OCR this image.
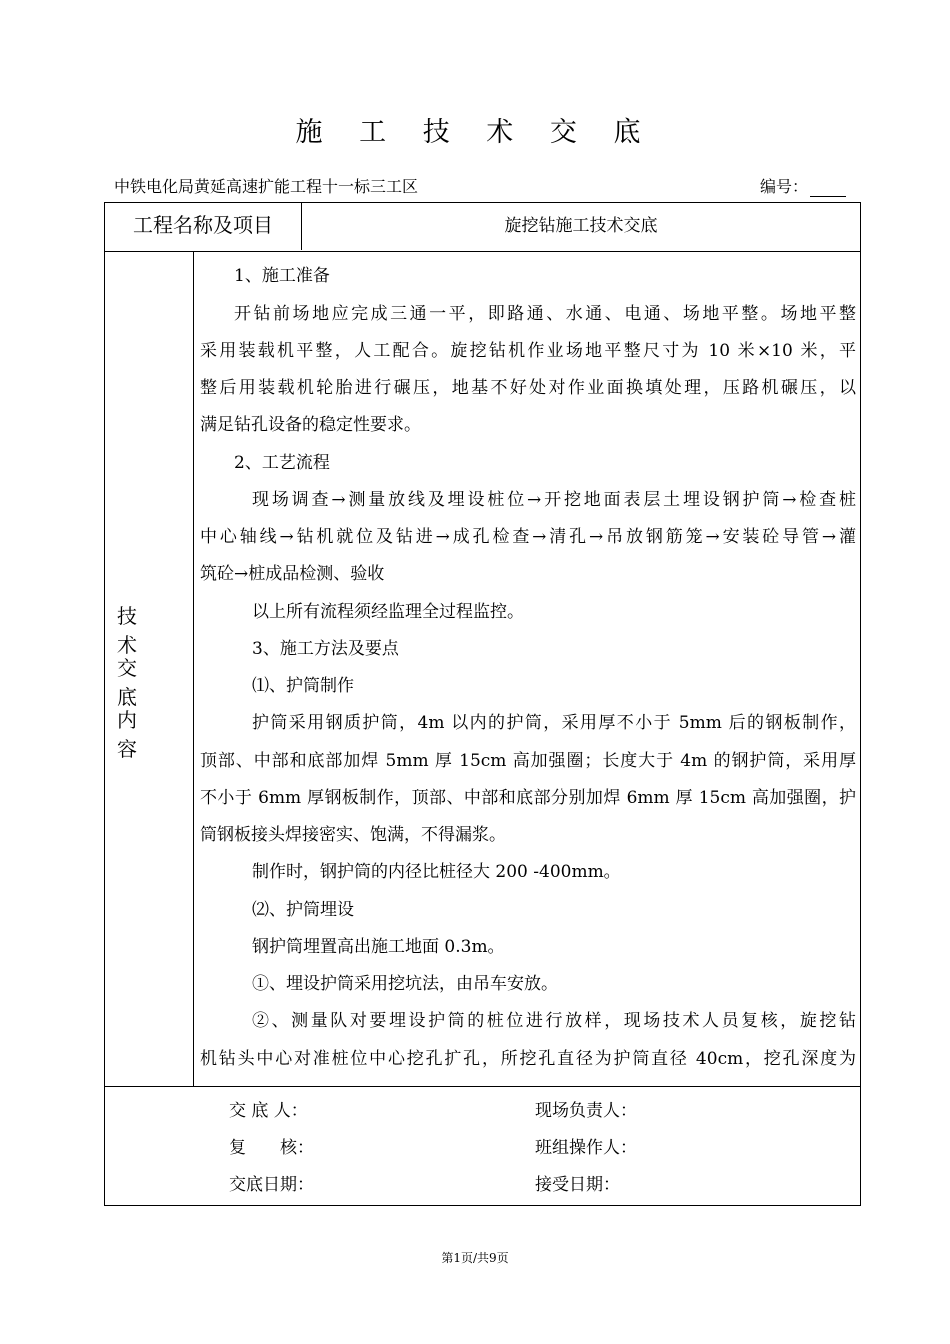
施 工 技 术 交 底
中铁电化局黄延高速扩能工程十一标三工区	编号：
工程名称及项目	旋挖钻施工技术交底
技术
交底
内容
1、施工准备
开钻前场地应完成三通一平，即路通、水通、电通、场地平整。场地平整
采用装载机平整，人工配合。旋挖钻机作业场地平整尺寸为 10 米×10 米，平
整后用装载机轮胎进行碾压，地基不好处对作业面换填处理，压路机碾压，以
满足钻孔设备的稳定性要求。
2、工艺流程
现场调查→测量放线及埋设桩位→开挖地面表层土埋设钢护筒→检查桩
中心轴线→钻机就位及钻进→成孔检查→清孔→吊放钢筋笼→安装砼导管→灌
筑砼→桩成品检测、验收
以上所有流程须经监理全过程监控。
3、施工方法及要点
⑴、护筒制作
护筒采用钢质护筒，4m 以内的护筒，采用厚不小于 5mm 后的钢板制作，
顶部、中部和底部加焊 5mm 厚 15cm 高加强圈；长度大于 4m 的钢护筒，采用厚
不小于 6mm 厚钢板制作，顶部、中部和底部分别加焊 6mm 厚 15cm 高加强圈，护
筒钢板接头焊接密实、饱满，不得漏浆。
制作时，钢护筒的内径比桩径大 200 -400mm。
⑵、护筒埋设
钢护筒埋置高出施工地面 0.3m。
①、埋设护筒采用挖坑法，由吊车安放。
②、测量队对要埋设护筒的桩位进行放样，现场技术人员复核，旋挖钻
机钻头中心对准桩位中心挖孔扩孔，所挖孔直径为护筒直径 40cm，挖孔深度为
交 底 人：	现场负责人：
复　　核：	班组操作人：
交底日期：	接受日期：
第1页/共9页
